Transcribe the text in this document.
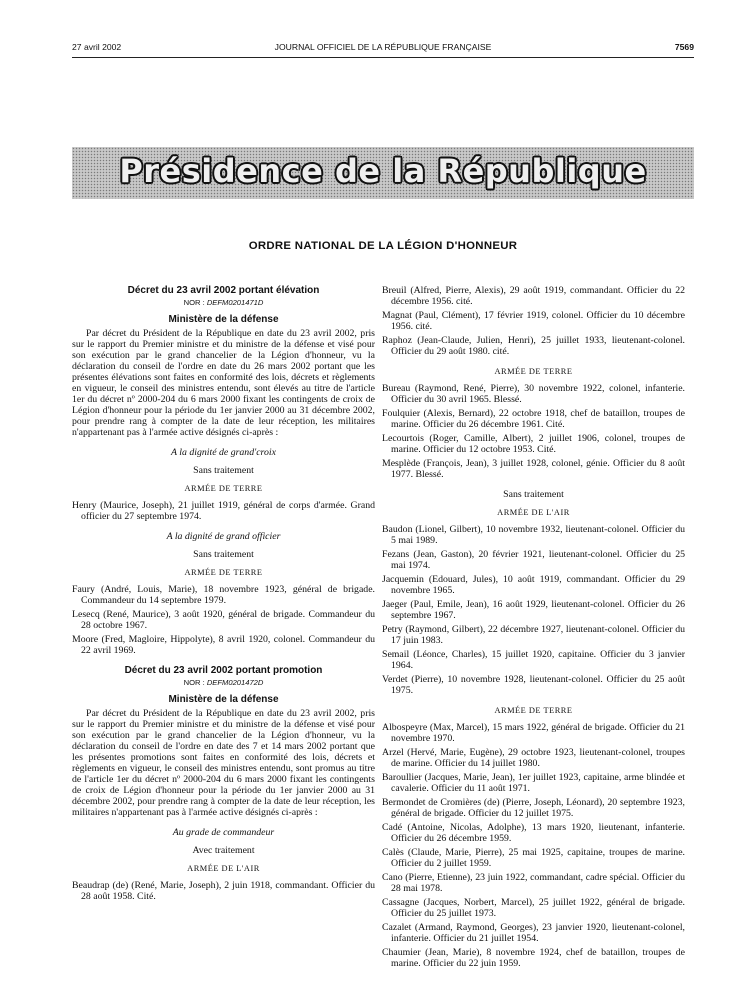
27 avril 2002	JOURNAL OFFICIEL DE LA RÉPUBLIQUE FRANÇAISE	7569
Présidence de la République
ORDRE NATIONAL DE LA LÉGION D'HONNEUR
Décret du 23 avril 2002 portant élévation
NOR : DEFM0201471D
Ministère de la défense

Par décret du Président de la République en date du 23 avril 2002, pris sur le rapport du Premier ministre et du ministre de la défense et visé pour son exécution par le grand chancelier de la Légion d'honneur, vu la déclaration du conseil de l'ordre en date du 26 mars 2002 portant que les présentes élévations sont faites en conformité des lois, décrets et règlements en vigueur, le conseil des ministres entendu, sont élevés au titre de l'article 1er du décret nº 2000-204 du 6 mars 2000 fixant les contingents de croix de Légion d'honneur pour la période du 1er janvier 2000 au 31 décembre 2002, pour prendre rang à compter de la date de leur réception, les militaires n'appartenant pas à l'armée active désignés ci-après :

A la dignité de grand'croix
Sans traitement
ARMÉE DE TERRE

Henry (Maurice, Joseph), 21 juillet 1919, général de corps d'armée. Grand officier du 27 septembre 1974.

A la dignité de grand officier
Sans traitement
ARMÉE DE TERRE

Faury (André, Louis, Marie), 18 novembre 1923, général de brigade. Commandeur du 14 septembre 1979.

Lesecq (René, Maurice), 3 août 1920, général de brigade. Commandeur du 28 octobre 1967.

Moore (Fred, Magloire, Hippolyte), 8 avril 1920, colonel. Commandeur du 22 avril 1969.

Décret du 23 avril 2002 portant promotion
NOR : DEFM0201472D
Ministère de la défense

Par décret du Président de la République en date du 23 avril 2002, pris sur le rapport du Premier ministre et du ministre de la défense et visé pour son exécution par le grand chancelier de la Légion d'honneur, vu la déclaration du conseil de l'ordre en date des 7 et 14 mars 2002 portant que les présentes promotions sont faites en conformité des lois, décrets et règlements en vigueur, le conseil des ministres entendu, sont promus au titre de l'article 1er du décret nº 2000-204 du 6 mars 2000 fixant les contingents de croix de Légion d'honneur pour la période du 1er janvier 2000 au 31 décembre 2002, pour prendre rang à compter de la date de leur réception, les militaires n'appartenant pas à l'armée active désignés ci-après :

Au grade de commandeur
Avec traitement
ARMÉE DE L'AIR

Beaudrap (de) (René, Marie, Joseph), 2 juin 1918, commandant. Officier du 28 août 1958. Cité.

Breuil (Alfred, Pierre, Alexis), 29 août 1919, commandant. Officier du 22 décembre 1956. cité.

Magnat (Paul, Clément), 17 février 1919, colonel. Officier du 10 décembre 1956. cité.

Raphoz (Jean-Claude, Julien, Henri), 25 juillet 1933, lieutenant-colonel. Officier du 29 août 1980. cité.

ARMÉE DE TERRE

Bureau (Raymond, René, Pierre), 30 novembre 1922, colonel, infanterie. Officier du 30 avril 1965. Blessé.

Foulquier (Alexis, Bernard), 22 octobre 1918, chef de bataillon, troupes de marine. Officier du 26 décembre 1961. Cité.

Lecourtois (Roger, Camille, Albert), 2 juillet 1906, colonel, troupes de marine. Officier du 12 octobre 1953. Cité.

Mesplède (François, Jean), 3 juillet 1928, colonel, génie. Officier du 8 août 1977. Blessé.

Sans traitement
ARMÉE DE L'AIR

Baudon (Lionel, Gilbert), 10 novembre 1932, lieutenant-colonel. Officier du 5 mai 1989.

Fezans (Jean, Gaston), 20 février 1921, lieutenant-colonel. Officier du 25 mai 1974.

Jacquemin (Edouard, Jules), 10 août 1919, commandant. Officier du 29 novembre 1965.

Jaeger (Paul, Emile, Jean), 16 août 1929, lieutenant-colonel. Officier du 26 septembre 1967.

Petry (Raymond, Gilbert), 22 décembre 1927, lieutenant-colonel. Officier du 17 juin 1983.

Semail (Léonce, Charles), 15 juillet 1920, capitaine. Officier du 3 janvier 1964.

Verdet (Pierre), 10 novembre 1928, lieutenant-colonel. Officier du 25 août 1975.

ARMÉE DE TERRE

Albospeyre (Max, Marcel), 15 mars 1922, général de brigade. Officier du 21 novembre 1970.

Arzel (Hervé, Marie, Eugène), 29 octobre 1923, lieutenant-colonel, troupes de marine. Officier du 14 juillet 1980.

Baroullier (Jacques, Marie, Jean), 1er juillet 1923, capitaine, arme blindée et cavalerie. Officier du 11 août 1971.

Bermondet de Cromières (de) (Pierre, Joseph, Léonard), 20 septembre 1923, général de brigade. Officier du 12 juillet 1975.

Cadé (Antoine, Nicolas, Adolphe), 13 mars 1920, lieutenant, infanterie. Officier du 26 décembre 1959.

Calès (Claude, Marie, Pierre), 25 mai 1925, capitaine, troupes de marine. Officier du 2 juillet 1959.

Cano (Pierre, Etienne), 23 juin 1922, commandant, cadre spécial. Officier du 28 mai 1978.

Cassagne (Jacques, Norbert, Marcel), 25 juillet 1922, général de brigade. Officier du 25 juillet 1973.

Cazalet (Armand, Raymond, Georges), 23 janvier 1920, lieutenant-colonel, infanterie. Officier du 21 juillet 1954.

Chaumier (Jean, Marie), 8 novembre 1924, chef de bataillon, troupes de marine. Officier du 22 juin 1959.
